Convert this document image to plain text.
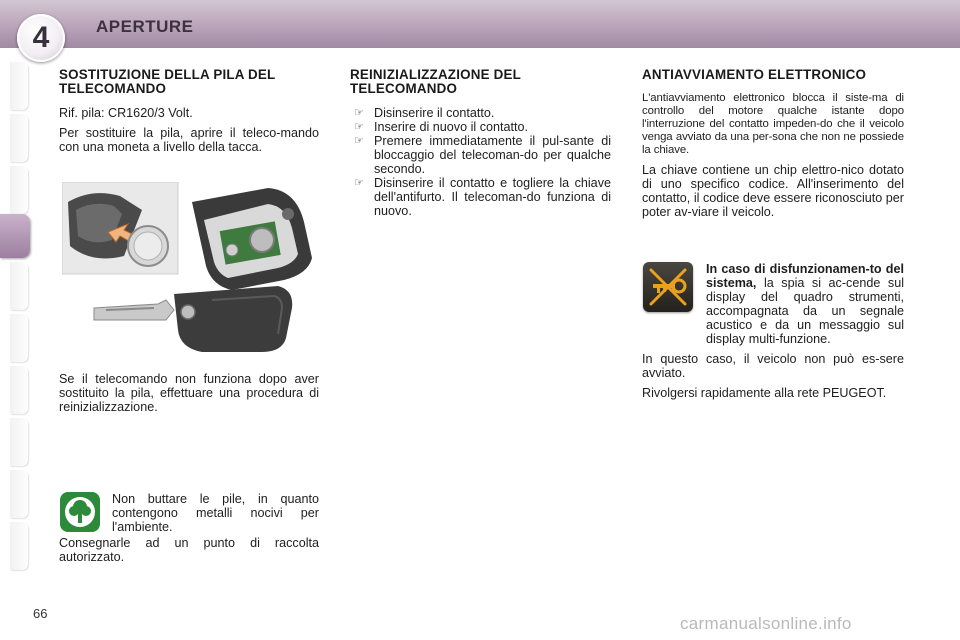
APERTURE
4
SOSTITUZIONE DELLA PILA DEL TELECOMANDO

Rif. pila: CR1620/3 Volt.

Per sostituire la pila, aprire il teleco-mando con una moneta a livello della tacca.

Se il telecomando non funziona dopo aver sostituito la pila, effettuare una procedura di reinizializzazione.

Non buttare le pile, in quanto contengono metalli nocivi per l'ambiente.

Consegnarle ad un punto di raccolta autorizzato.

REINIZIALIZZAZIONE DEL TELECOMANDO
☞ Disinserire il contatto.
☞ Inserire di nuovo il contatto.
☞ Premere immediatamente il pul-sante di bloccaggio del telecoman-do per qualche secondo.
☞ Disinserire il contatto e togliere la chiave dell'antifurto. Il telecoman-do funziona di nuovo.
ANTIAVVIAMENTO ELETTRONICO

L'antiavviamento elettronico blocca il siste-ma di controllo del motore qualche istante dopo l'interruzione del contatto impeden-do che il veicolo venga avviato da una per-sona che non ne possiede la chiave.

La chiave contiene un chip elettro-nico dotato di uno specifico codice. All'inserimento del contatto, il codice deve essere riconosciuto per poter av-viare il veicolo.

In caso di disfunzionamen-to del sistema, la spia si ac-cende sul display del quadro strumenti, accompagnata da un segnale acustico e da un messaggio sul display multi-funzione.

In questo caso, il veicolo non può es-sere avviato.

Rivolgersi rapidamente alla rete PEUGEOT.

66
carmanualsonline.info
